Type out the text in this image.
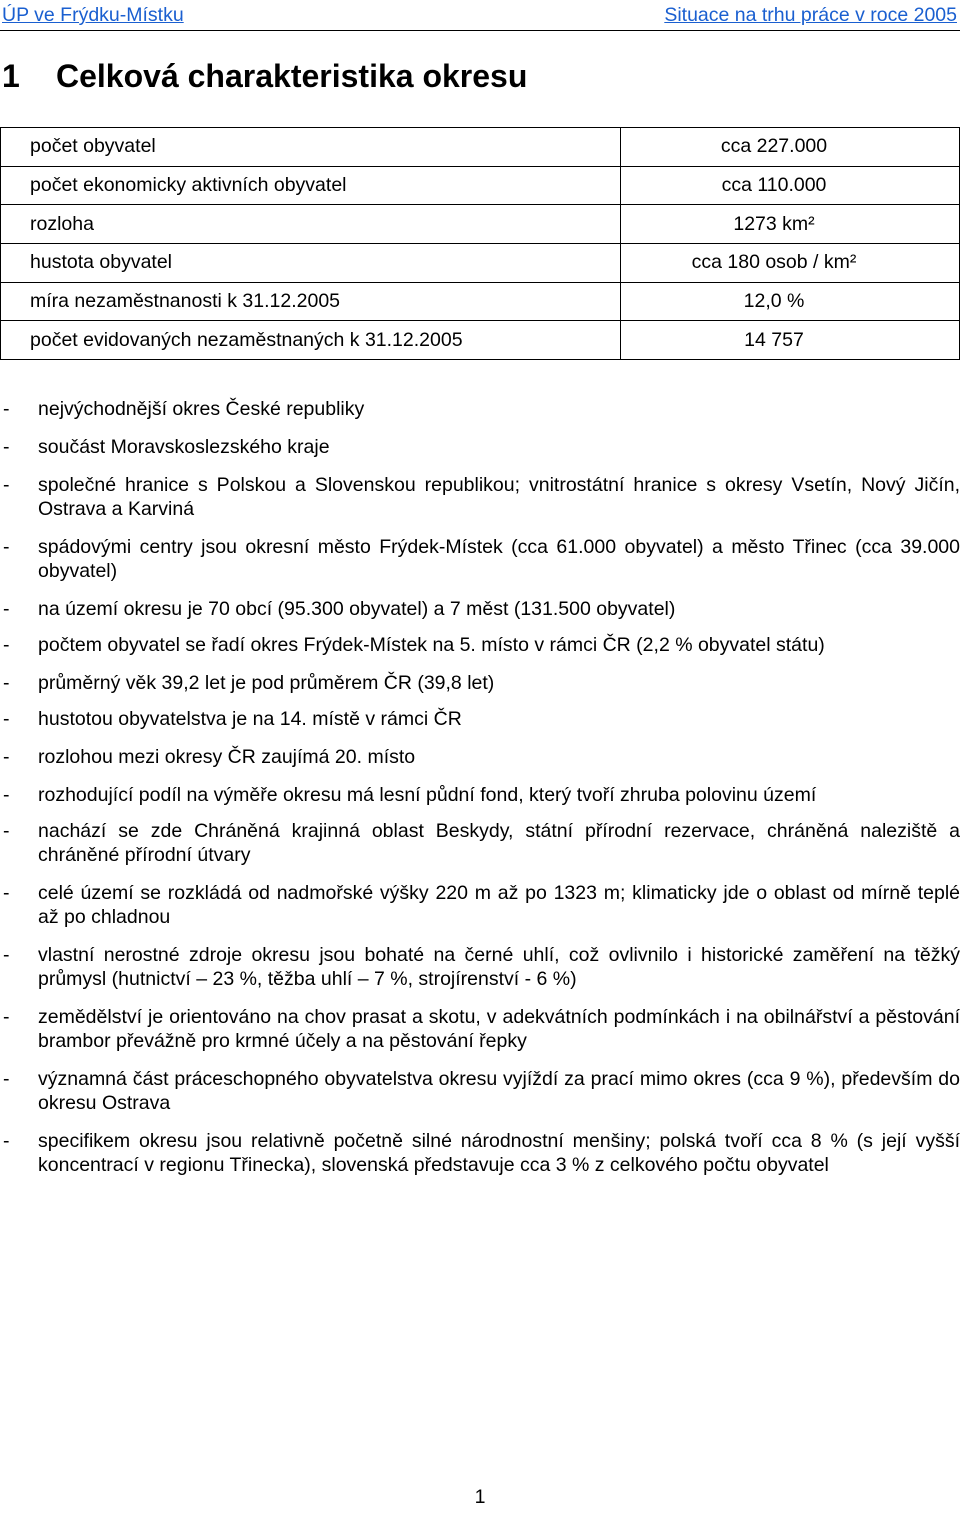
ÚP ve Frýdku-Místku	Situace na trhu práce v roce 2005
1 Celková charakteristika okresu
počet obyvatel	cca 227.000
počet ekonomicky aktivních obyvatel	cca 110.000
rozloha	1273 km²
hustota obyvatel	cca 180 osob / km²
míra nezaměstnanosti k 31.12.2005	12,0 %
počet evidovaných nezaměstnaných k 31.12.2005	14 757
- nejvýchodnější okres České republiky
- součást Moravskoslezského kraje
- společné hranice s Polskou a Slovenskou republikou; vnitrostátní hranice s okresy Vsetín, Nový Jičín, Ostrava a Karviná
- spádovými centry jsou okresní město Frýdek-Místek (cca 61.000 obyvatel) a město Třinec (cca 39.000 obyvatel)
- na území okresu je 70 obcí (95.300 obyvatel) a 7 měst (131.500 obyvatel)
- počtem obyvatel se řadí okres Frýdek-Místek na 5. místo v rámci ČR (2,2 % obyvatel státu)
- průměrný věk 39,2 let je pod průměrem ČR (39,8 let)
- hustotou obyvatelstva je na 14. místě v rámci ČR
- rozlohou mezi okresy ČR zaujímá 20. místo
- rozhodující podíl na výměře okresu má lesní půdní fond, který tvoří zhruba polovinu území
- nachází se zde Chráněná krajinná oblast Beskydy, státní přírodní rezervace, chráněná naleziště a chráněné přírodní útvary
- celé území se rozkládá od nadmořské výšky 220 m až po 1323 m; klimaticky jde o oblast od mírně teplé až po chladnou
- vlastní nerostné zdroje okresu jsou bohaté na černé uhlí, což ovlivnilo i historické zaměření na těžký průmysl (hutnictví – 23 %, těžba uhlí – 7 %, strojírenství - 6 %)
- zemědělství je orientováno na chov prasat a skotu, v adekvátních podmínkách i na obilnářství a pěstování brambor převážně pro krmné účely a na pěstování řepky
- významná část práceschopného obyvatelstva okresu vyjíždí za prací mimo okres (cca 9 %), především do okresu Ostrava
- specifikem okresu jsou relativně početně silné národnostní menšiny; polská tvoří cca 8 % (s její vyšší koncentrací v regionu Třinecka), slovenská představuje cca 3 % z celkového počtu obyvatel
1
